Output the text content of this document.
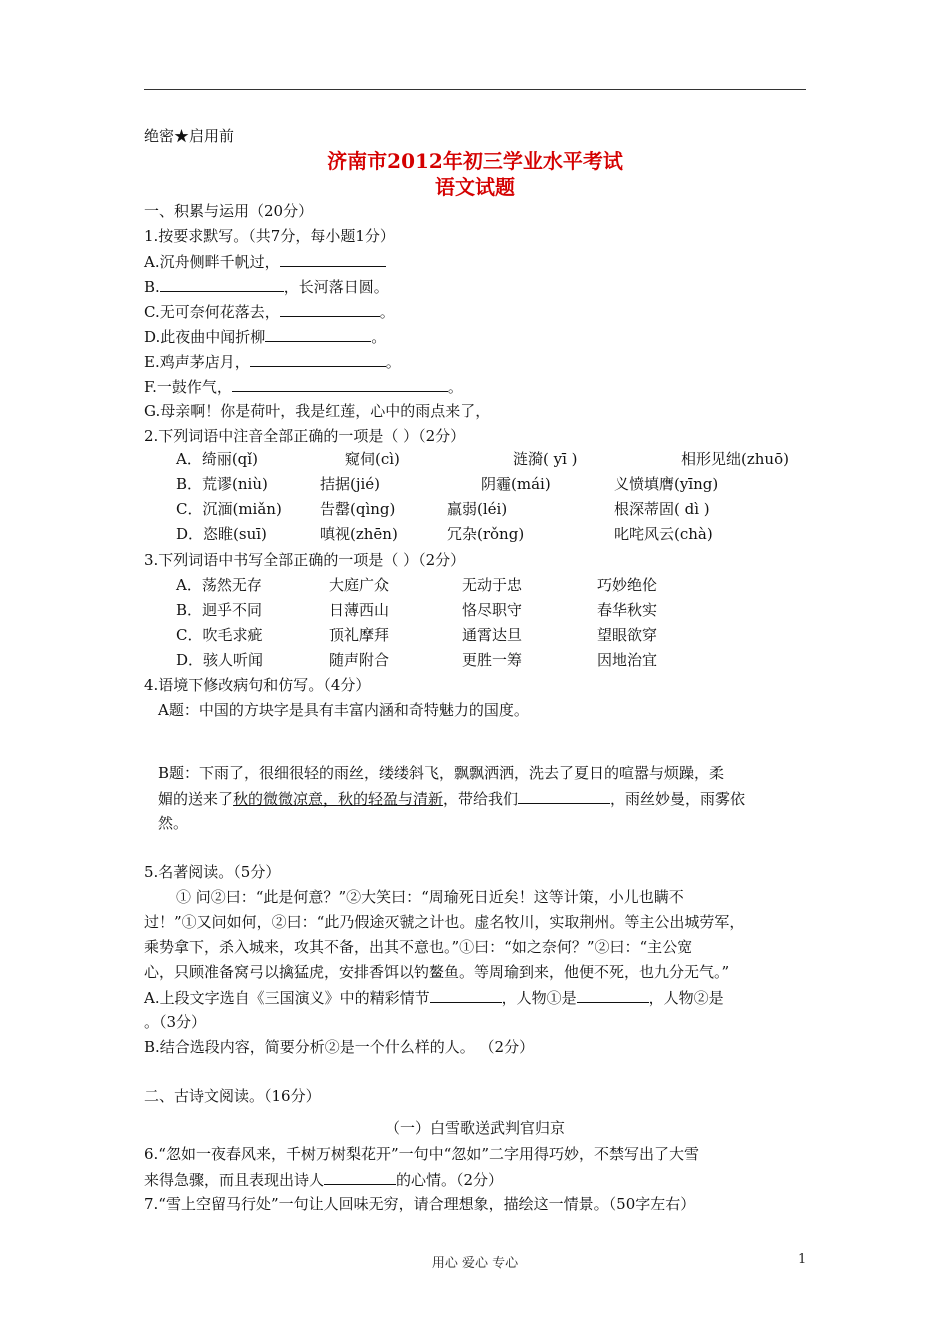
绝密★启用前
济南市2012年初三学业水平考试
语文试题
一、积累与运用（20分）
1.按要求默写。（共7分，每小题1分）
A.沉舟侧畔千帆过，
B.	，长河落日圆。
C.无可奈何花落去，	。
D.此夜曲中闻折柳	。
E.鸡声茅店月，	。
F.一鼓作气，	。
G.母亲啊！你是荷叶，我是红莲，心中的雨点来了，
2.下列词语中注音全部正确的一项是（ ）（2分）
A．绮丽(qǐ)	窥伺(cì)	涟漪( yī )	相形见绌(zhuō)
B．荒谬(niù)	拮据(jié)	阴霾(mái)	义愤填膺(yīng)
C．沉湎(miǎn)	告罄(qìng)	羸弱(léi)	根深蒂固( dì )
D．恣睢(suī)	嗔视(zhēn)	冗杂(rǒng)	叱咤风云(chà)
3.下列词语中书写全部正确的一项是（ ）（2分）
A．荡然无存	大庭广众	无动于忠	巧妙绝伦
B．迥乎不同	日薄西山	恪尽职守	春华秋实
C．吹毛求疵	顶礼摩拜	通霄达旦	望眼欲穿
D．骇人听闻	随声附合	更胜一筹	因地治宜
4.语境下修改病句和仿写。（4分）
A题：中国的方块字是具有丰富内涵和奇特魅力的国度。
B题：下雨了，很细很轻的雨丝，缕缕斜飞，飘飘洒洒，洗去了夏日的喧嚣与烦躁，柔
媚的送来了秋的微微凉意，秋的轻盈与清新，带给我们	，雨丝妙曼，雨雾依
然。
5.名著阅读。（5分）
① 问②曰：“此是何意？”②大笑曰：“周瑜死日近矣！这等计策，小儿也瞒不
过！”①又问如何，②曰：“此乃假途灭虢之计也。虚名牧川，实取荆州。等主公出城劳军，
乘势拿下，杀入城来，攻其不备，出其不意也。”①曰：“如之奈何？”②曰：“主公宽
心，只顾准备窝弓以擒猛虎，安排香饵以钓鳌鱼。等周瑜到来，他便不死，也九分无气。”
A.上段文字选自《三国演义》中的精彩情节	，人物①是	，人物②是
。（3分）
B.结合选段内容，简要分析②是一个什么样的人。 （2分）
二、古诗文阅读。（16分）
（一）白雪歌送武判官归京
6.“忽如一夜春风来，千树万树梨花开”一句中“忽如”二字用得巧妙，不禁写出了大雪
来得急骤，而且表现出诗人	的心情。（2分）
7.“雪上空留马行处”一句让人回味无穷，请合理想象，描绘这一情景。（50字左右）
用心 爱心 专心	1
